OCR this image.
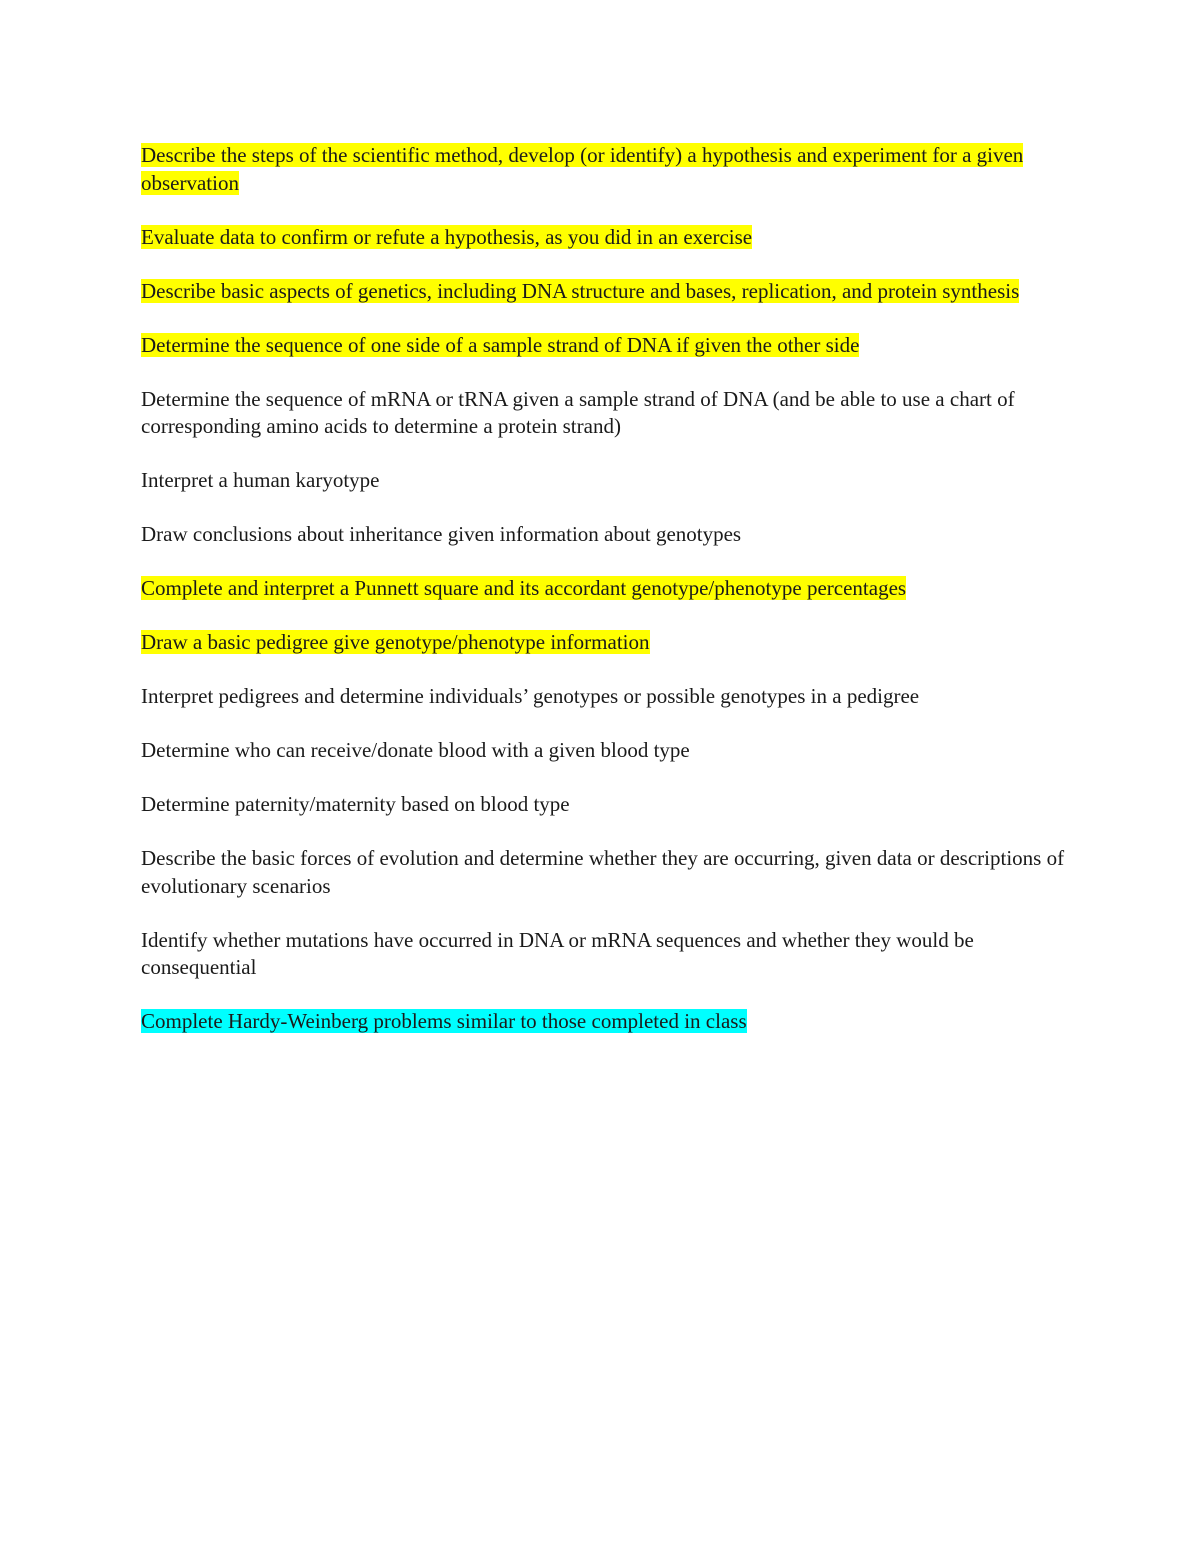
Describe the steps of the scientific method, develop (or identify) a hypothesis and experiment for a given observation

Evaluate data to confirm or refute a hypothesis, as you did in an exercise

Describe basic aspects of genetics, including DNA structure and bases, replication, and protein synthesis

Determine the sequence of one side of a sample strand of DNA if given the other side

Determine the sequence of mRNA or tRNA given a sample strand of DNA (and be able to use a chart of corresponding amino acids to determine a protein strand)

Interpret a human karyotype

Draw conclusions about inheritance given information about genotypes

Complete and interpret a Punnett square and its accordant genotype/phenotype percentages

Draw a basic pedigree give genotype/phenotype information

Interpret pedigrees and determine individuals’ genotypes or possible genotypes in a pedigree

Determine who can receive/donate blood with a given blood type

Determine paternity/maternity based on blood type

Describe the basic forces of evolution and determine whether they are occurring, given data or descriptions of evolutionary scenarios

Identify whether mutations have occurred in DNA or mRNA sequences and whether they would be consequential

Complete Hardy-Weinberg problems similar to those completed in class
